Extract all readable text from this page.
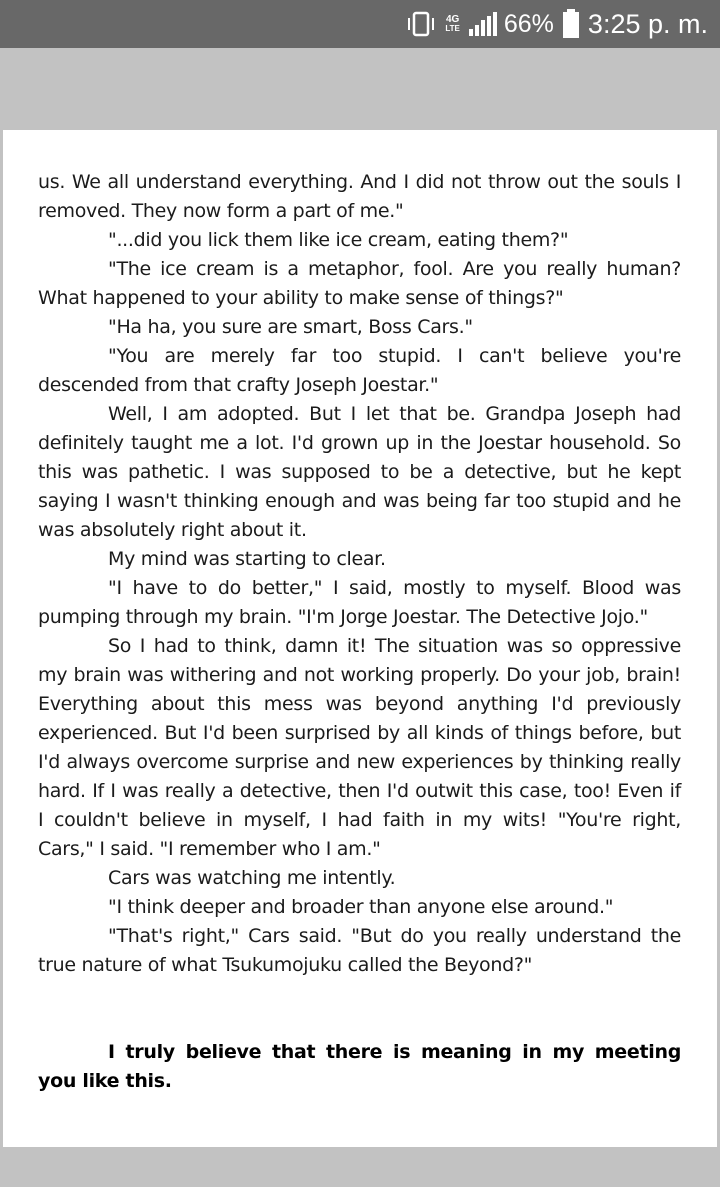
4G
LTE 66% 3:25 p. m.

us. We all understand everything. And I did not throw out the souls I removed. They now form a part of me."

"...did you lick them like ice cream, eating them?"

"The ice cream is a metaphor, fool. Are you really human? What happened to your ability to make sense of things?"

"Ha ha, you sure are smart, Boss Cars."

"You are merely far too stupid. I can't believe you're descended from that crafty Joseph Joestar."

Well, I am adopted. But I let that be. Grandpa Joseph had definitely taught me a lot. I'd grown up in the Joestar household. So this was pathetic. I was supposed to be a detective, but he kept saying I wasn't thinking enough and was being far too stupid and he was absolutely right about it.

My mind was starting to clear.

"I have to do better," I said, mostly to myself. Blood was pumping through my brain. "I'm Jorge Joestar. The Detective Jojo."

So I had to think, damn it! The situation was so oppressive my brain was withering and not working properly. Do your job, brain! Everything about this mess was beyond anything I'd previously experienced. But I'd been surprised by all kinds of things before, but I'd always overcome surprise and new experiences by thinking really hard. If I was really a detective, then I'd outwit this case, too! Even if I couldn't believe in myself, I had faith in my wits! "You're right, Cars," I said. "I remember who I am."

Cars was watching me intently.

"I think deeper and broader than anyone else around."

"That's right," Cars said. "But do you really understand the true nature of what Tsukumojuku called the Beyond?"

I truly believe that there is meaning in my meeting you like this.
